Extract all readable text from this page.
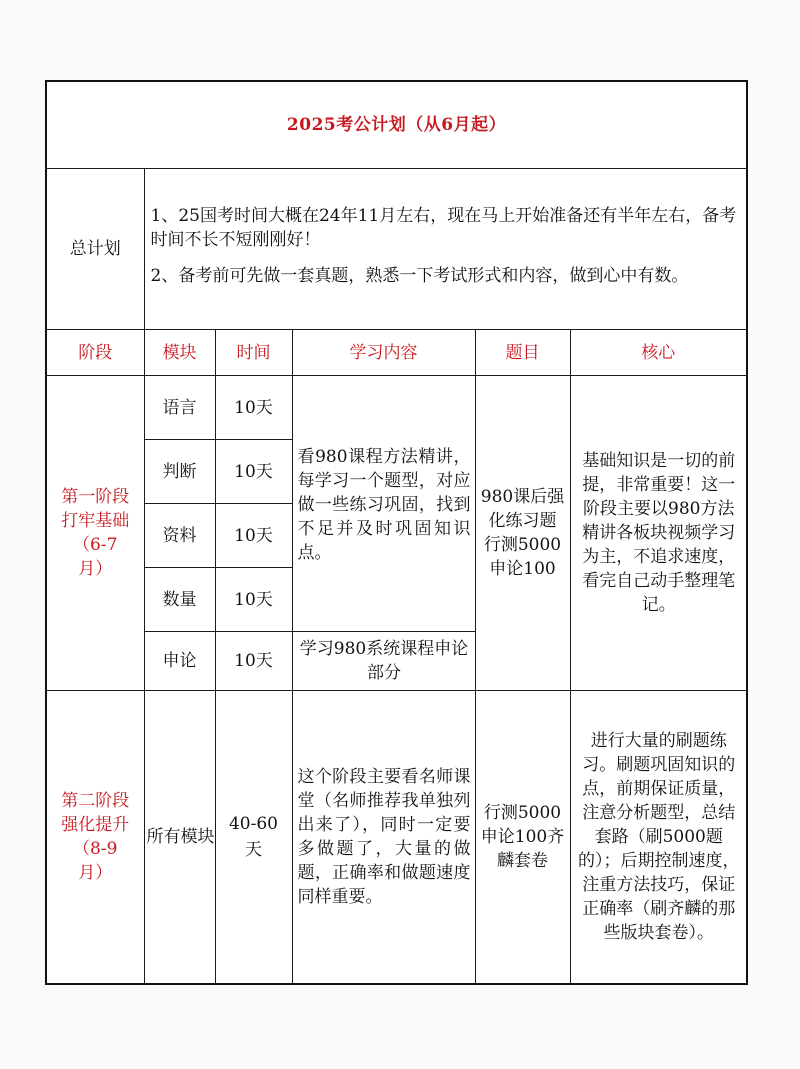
2025考公计划（从6月起）					
总计划	1、25国考时间大概在24年11月左右，现在马上开始准备还有半年左右，备考时间不长不短刚刚好！

2、备考前可先做一套真题，熟悉一下考试形式和内容，做到心中有数。				

阶段	模块	时间	学习内容	题目	核心

第一阶段
打牢基础
（6-7
月）	语言	10天	看980课程方法精讲，每学习一个题型，对应做一些练习巩固，找到不足并及时巩固知识点。	980课后强化练习题　行测5000申论100	基础知识是一切的前提，非常重要！这一阶段主要以980方法精讲各板块视频学习为主，不追求速度，看完自己动手整理笔记。
	判断	10天			
	资料	10天			
	数量	10天			
	申论	10天	学习980系统课程申论部分		

第二阶段
强化提升
（8-9
月）	所有模块	40-60天	这个阶段主要看名师课堂（名师推荐我单独列出来了），同时一定要多做题了，大量的做题，正确率和做题速度同样重要。	行测5000申论100齐麟套卷	进行大量的刷题练习。刷题巩固知识的点，前期保证质量，注意分析题型，总结套路（刷5000题的）；后期控制速度，注重方法技巧，保证正确率（刷齐麟的那些版块套卷）。
